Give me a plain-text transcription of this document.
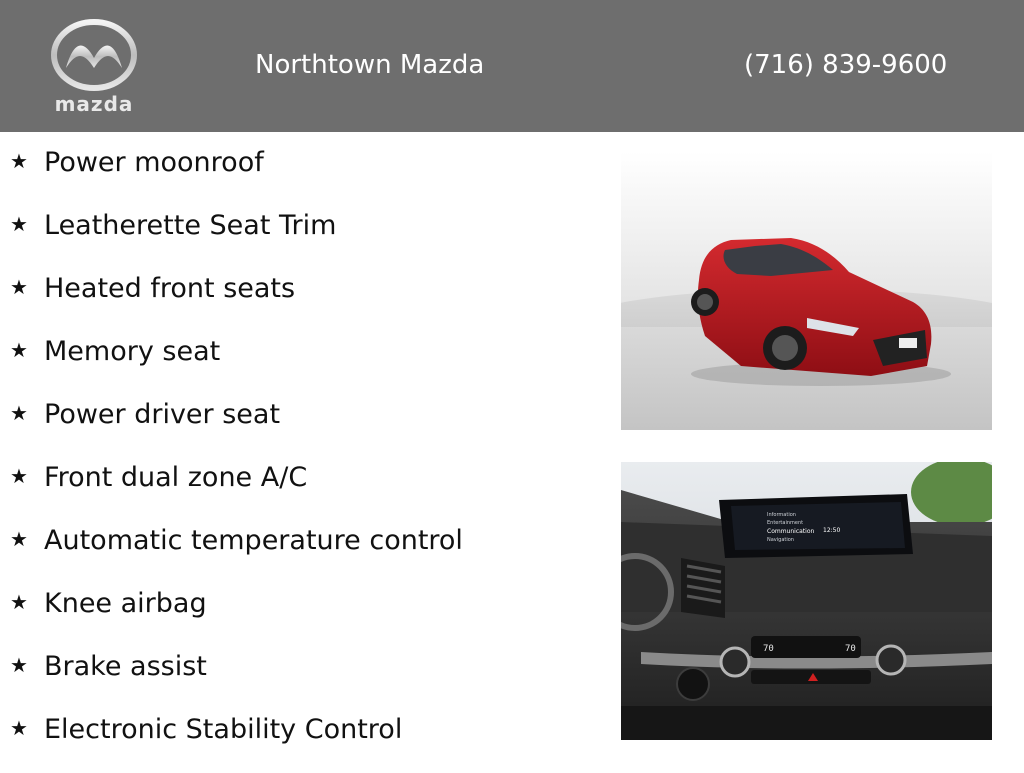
mazda
Northtown Mazda	(716) 839-9600
★ Power moonroof
★ Leatherette Seat Trim
★ Heated front seats
★ Memory seat
★ Power driver seat
★ Front dual zone A/C
★ Automatic temperature control
★ Knee airbag
★ Brake assist
★ Electronic Stability Control
Information
Entertainment
Communication
Navigation
12:50
70	70
